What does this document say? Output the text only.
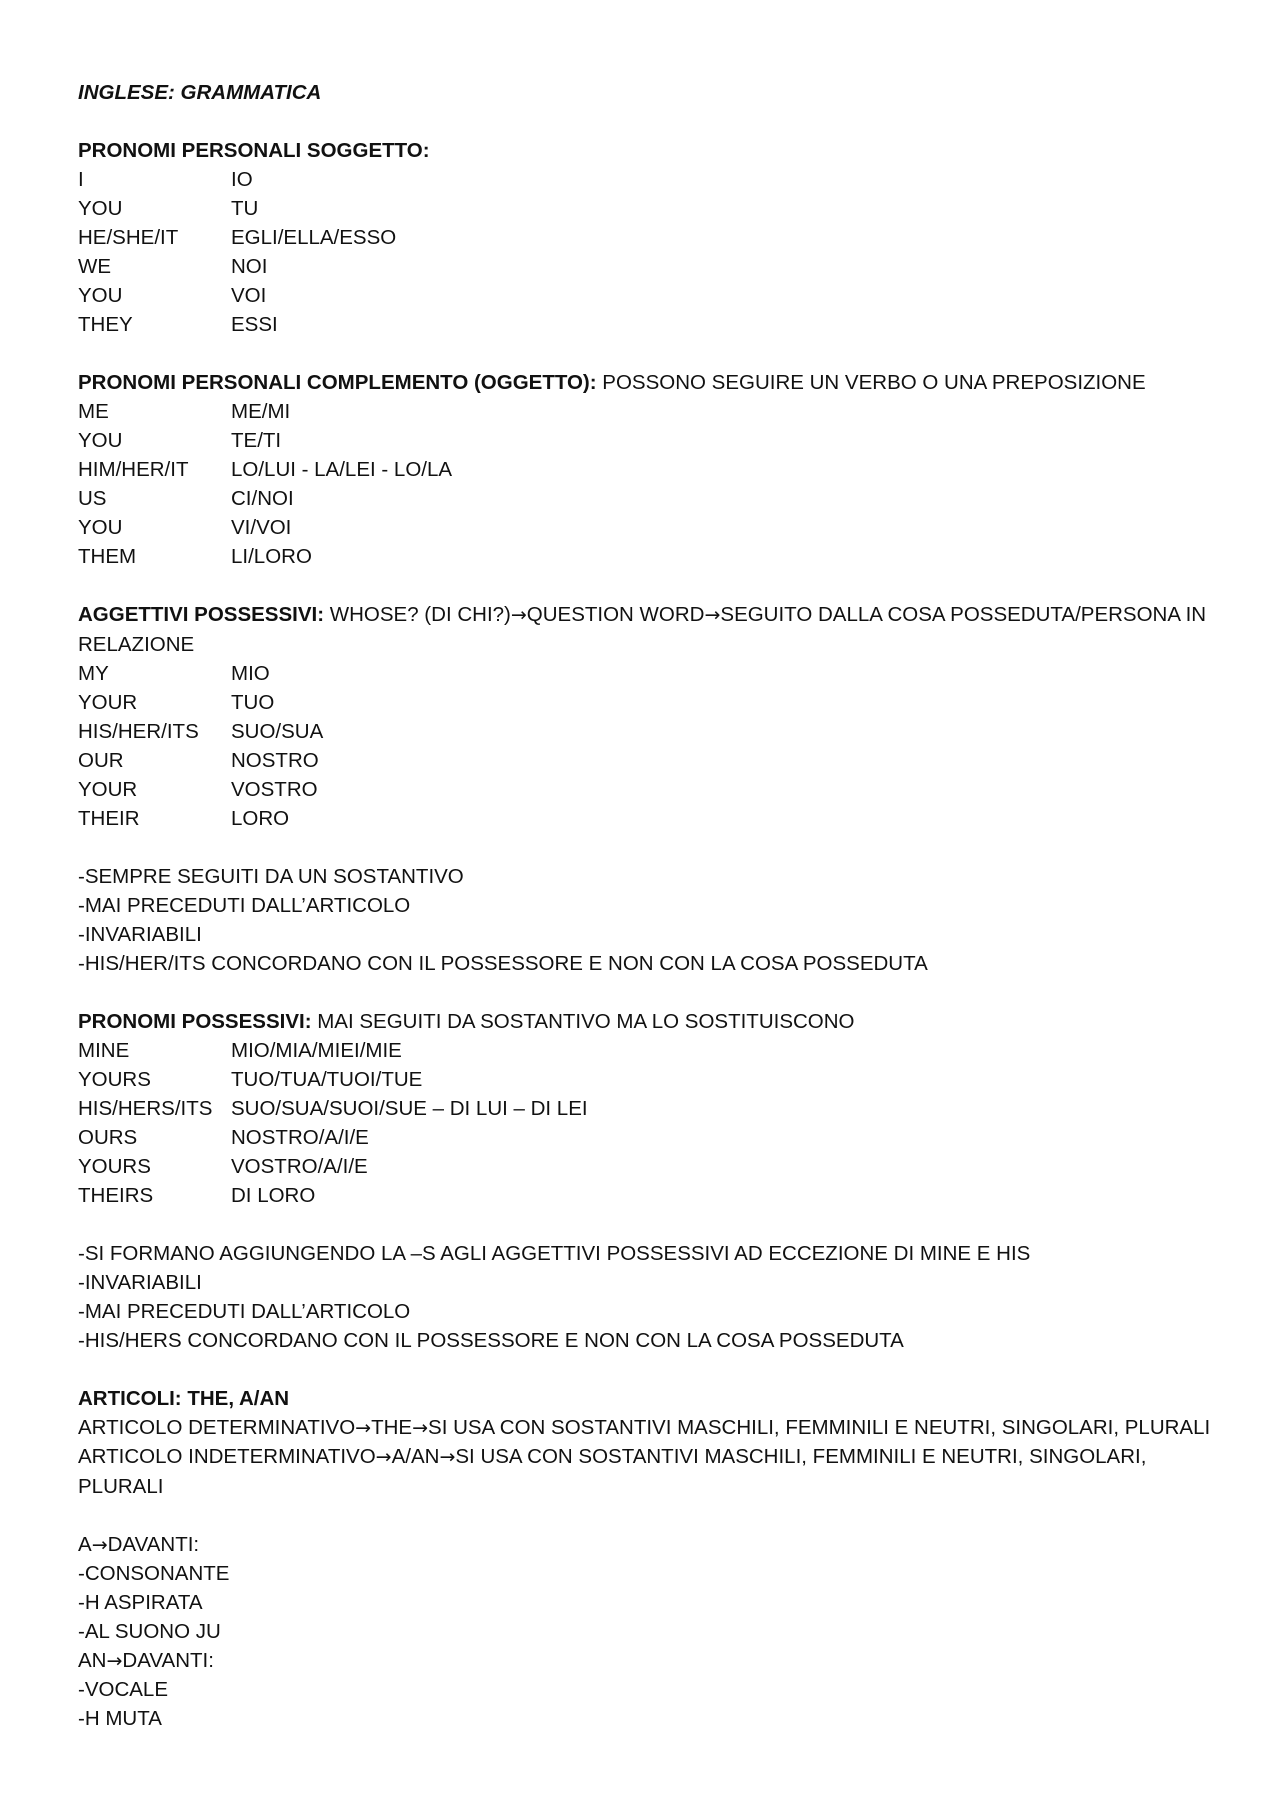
INGLESE: GRAMMATICA
PRONOMI PERSONALI SOGGETTO:
I	IO
YOU	TU
HE/SHE/IT	EGLI/ELLA/ESSO
WE	NOI
YOU	VOI
THEY	ESSI
PRONOMI PERSONALI COMPLEMENTO (OGGETTO): POSSONO SEGUIRE UN VERBO O UNA PREPOSIZIONE
ME	ME/MI
YOU	TE/TI
HIM/HER/IT	LO/LUI - LA/LEI - LO/LA
US	CI/NOI
YOU	VI/VOI
THEM	LI/LORO
AGGETTIVI POSSESSIVI: WHOSE? (DI CHI?)→QUESTION WORD→SEGUITO DALLA COSA POSSEDUTA/PERSONA IN RELAZIONE
MY	MIO
YOUR	TUO
HIS/HER/ITS	SUO/SUA
OUR	NOSTRO
YOUR	VOSTRO
THEIR	LORO
-SEMPRE SEGUITI DA UN SOSTANTIVO
-MAI PRECEDUTI DALL’ARTICOLO
-INVARIABILI
-HIS/HER/ITS CONCORDANO CON IL POSSESSORE E NON CON LA COSA POSSEDUTA
PRONOMI POSSESSIVI: MAI SEGUITI DA SOSTANTIVO MA LO SOSTITUISCONO
MINE	MIO/MIA/MIEI/MIE
YOURS	TUO/TUA/TUOI/TUE
HIS/HERS/ITS SUO/SUA/SUOI/SUE – DI LUI – DI LEI
OURS	NOSTRO/A/I/E
YOURS	VOSTRO/A/I/E
THEIRS	DI LORO
-SI FORMANO AGGIUNGENDO LA –S AGLI AGGETTIVI POSSESSIVI AD ECCEZIONE DI MINE E HIS
-INVARIABILI
-MAI PRECEDUTI DALL’ARTICOLO
-HIS/HERS CONCORDANO CON IL POSSESSORE E NON CON LA COSA POSSEDUTA
ARTICOLI: THE, A/AN
ARTICOLO DETERMINATIVO→THE→SI USA CON SOSTANTIVI MASCHILI, FEMMINILI E NEUTRI, SINGOLARI, PLURALI
ARTICOLO INDETERMINATIVO→A/AN→SI USA CON SOSTANTIVI MASCHILI, FEMMINILI E NEUTRI, SINGOLARI, PLURALI
A→DAVANTI:
-CONSONANTE
-H ASPIRATA
-AL SUONO JU
AN→DAVANTI:
-VOCALE
-H MUTA
